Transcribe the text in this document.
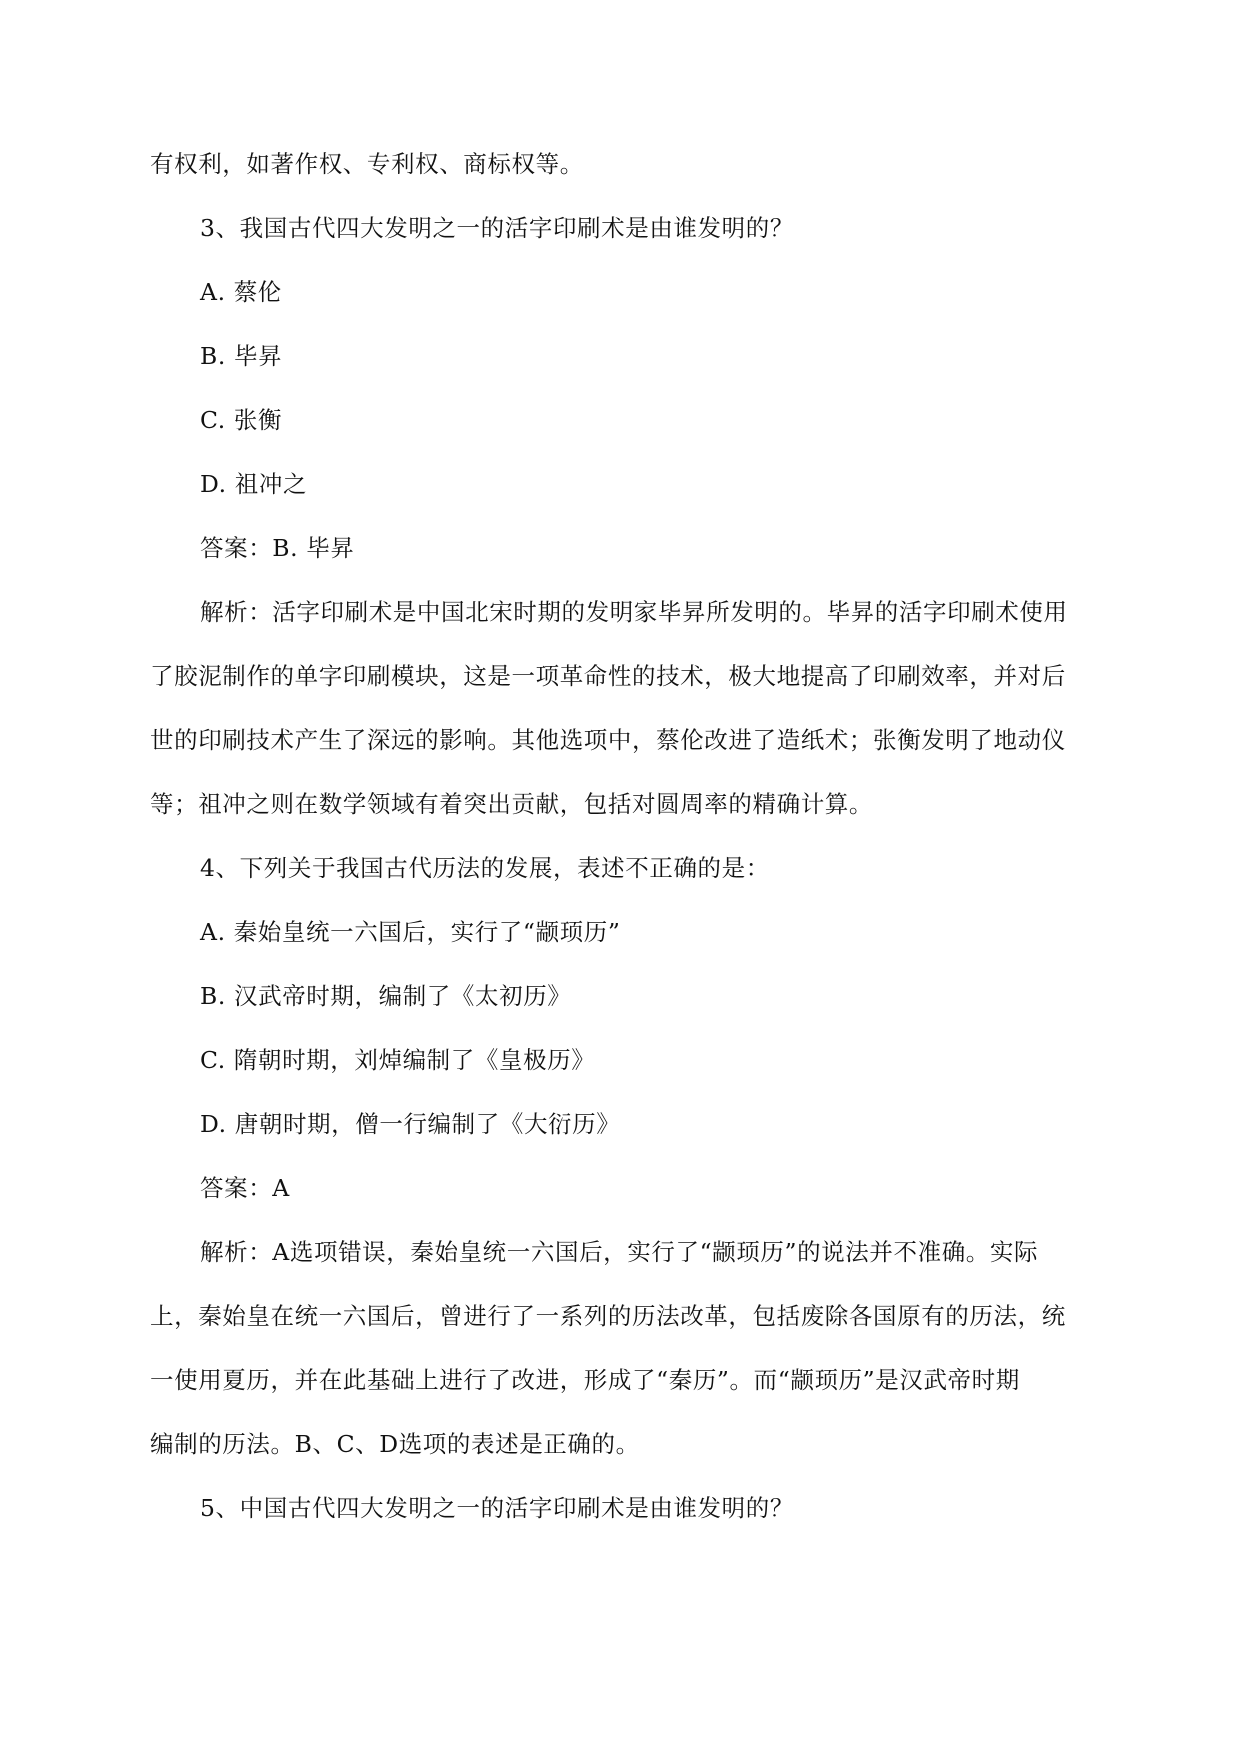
有权利，如著作权、专利权、商标权等。
3、我国古代四大发明之一的活字印刷术是由谁发明的？
A. 蔡伦
B. 毕昇
C. 张衡
D. 祖冲之
答案：B. 毕昇
解析：活字印刷术是中国北宋时期的发明家毕昇所发明的。毕昇的活字印刷术使用
了胶泥制作的单字印刷模块，这是一项革命性的技术，极大地提高了印刷效率，并对后
世的印刷技术产生了深远的影响。其他选项中，蔡伦改进了造纸术；张衡发明了地动仪
等；祖冲之则在数学领域有着突出贡献，包括对圆周率的精确计算。
4、下列关于我国古代历法的发展，表述不正确的是：
A. 秦始皇统一六国后，实行了“颛顼历”
B. 汉武帝时期，编制了《太初历》
C. 隋朝时期，刘焯编制了《皇极历》
D. 唐朝时期，僧一行编制了《大衍历》
答案：A
解析：A选项错误，秦始皇统一六国后，实行了“颛顼历”的说法并不准确。实际
上，秦始皇在统一六国后，曾进行了一系列的历法改革，包括废除各国原有的历法，统
一使用夏历，并在此基础上进行了改进，形成了“秦历”。而“颛顼历”是汉武帝时期
编制的历法。B、C、D选项的表述是正确的。
5、中国古代四大发明之一的活字印刷术是由谁发明的？
